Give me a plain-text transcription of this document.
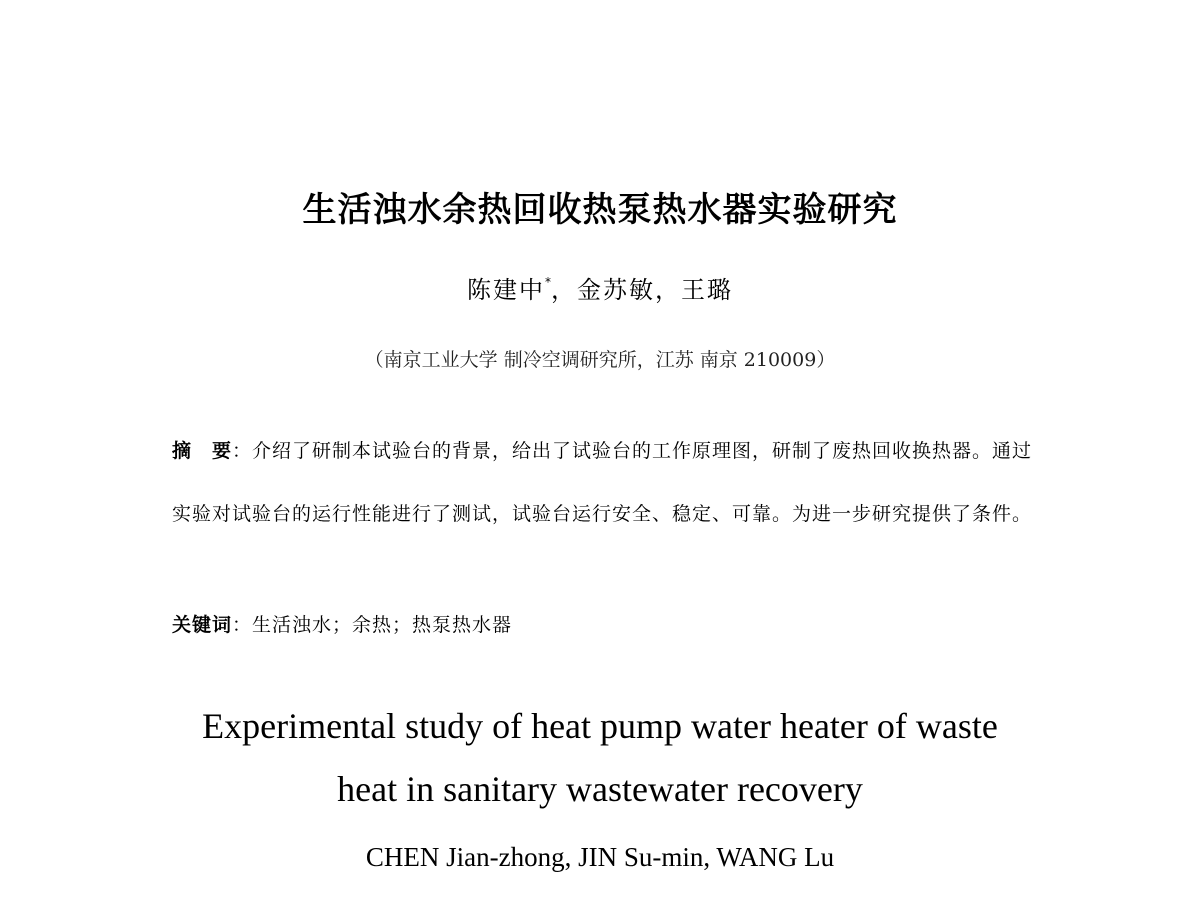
生活浊水余热回收热泵热水器实验研究
陈建中*，金苏敏，王璐
（南京工业大学 制冷空调研究所，江苏 南京 210009）
摘　要：介绍了研制本试验台的背景，给出了试验台的工作原理图，研制了废热回收换热器。通过实验对试验台的运行性能进行了测试，试验台运行安全、稳定、可靠。为进一步研究提供了条件。
关键词：生活浊水；余热；热泵热水器
Experimental study of heat pump water heater of waste
heat in sanitary wastewater recovery
CHEN Jian-zhong, JIN Su-min, WANG Lu
